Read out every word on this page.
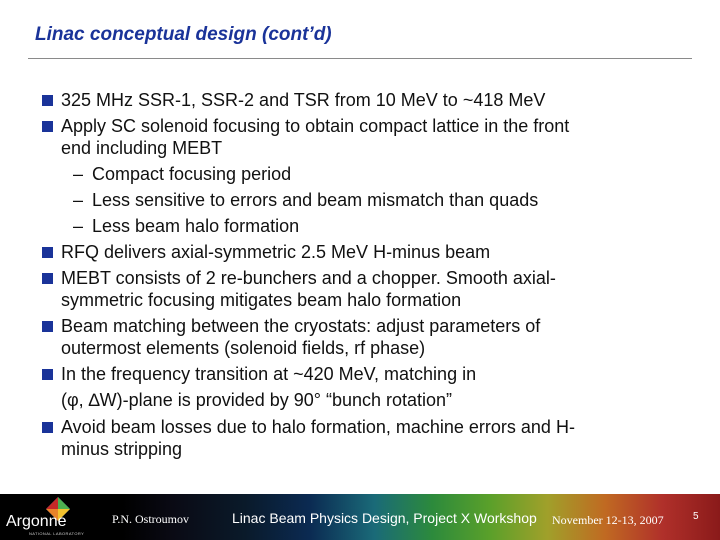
Linac conceptual design (cont’d)
325 MHz SSR-1, SSR-2 and TSR from 10 MeV to ~418 MeV
Apply SC solenoid focusing to obtain compact lattice in the front
end including MEBT
– Compact focusing period
– Less sensitive to errors and beam mismatch than quads
– Less beam halo formation
RFQ delivers axial-symmetric 2.5 MeV H-minus beam
MEBT consists of 2 re-bunchers and a chopper. Smooth axial-
symmetric focusing mitigates beam halo formation
Beam matching between the cryostats: adjust parameters of
outermost elements (solenoid fields, rf phase)
In the frequency transition at ~420 MeV, matching in
(φ, ∆W)-plane is provided by 90° “bunch rotation”
Avoid beam losses due to halo formation, machine errors and H-
minus stripping
Argonne
NATIONAL LABORATORY
P.N. Ostroumov	Linac Beam Physics Design, Project X Workshop November 12-13, 2007	5
